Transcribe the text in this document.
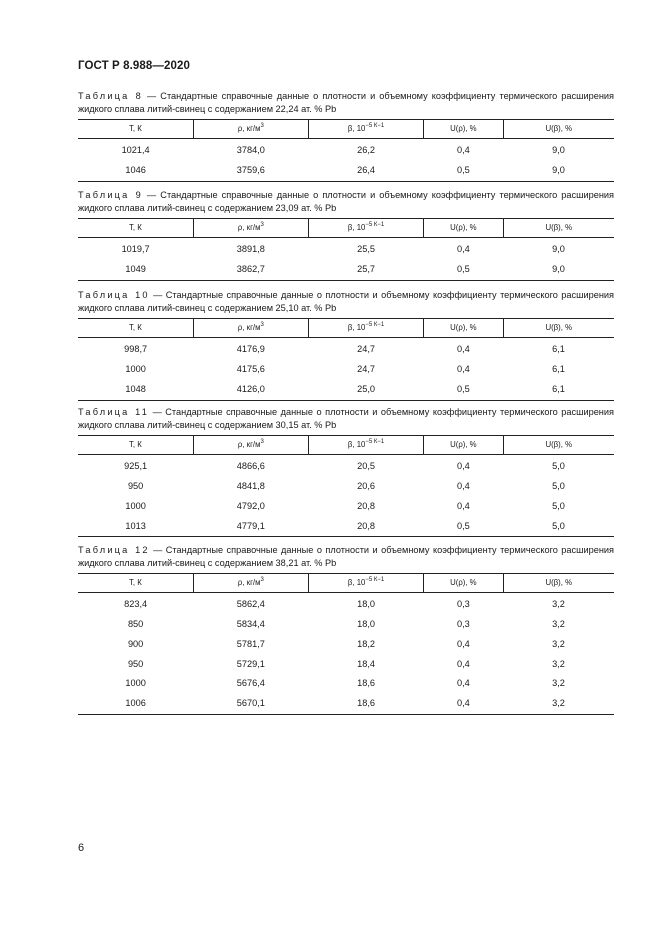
ГОСТ Р 8.988—2020

Таблица 8 — Стандартные справочные данные о плотности и объемному коэффициенту термического расширения жидкого сплава литий-свинец с содержанием 22,24 ат. % Pb

T, К	ρ, $кг/м^3$	β, $10^{-5 К-1}$	U(ρ), %	U(β), %
1021,4	3784,0	26,2	0,4	9,0
1046	3759,6	26,4	0,5	9,0

Таблица 9 — Стандартные справочные данные о плотности и объемному коэффициенту термического расширения жидкого сплава литий-свинец с содержанием 23,09 ат. % Pb

T, К	ρ, $кг/м^3$	β, $10^{-5 К-1}$	U(ρ), %	U(β), %
1019,7	3891,8	25,5	0,4	9,0
1049	3862,7	25,7	0,5	9,0

Таблица 10 — Стандартные справочные данные о плотности и объемному коэффициенту термического расширения жидкого сплава литий-свинец с содержанием 25,10 ат. % Pb

T, К	ρ, $кг/м^3$	β, $10^{-5 К-1}$	U(ρ), %	U(β), %
998,7	4176,9	24,7	0,4	6,1
1000	4175,6	24,7	0,4	6,1
1048	4126,0	25,0	0,5	6,1

Таблица 11 — Стандартные справочные данные о плотности и объемному коэффициенту термического расширения жидкого сплава литий-свинец с содержанием 30,15 ат. % Pb

T, К	ρ, $кг/м^3$	β, $10^{-5 К-1}$	U(ρ), %	U(β), %
925,1	4866,6	20,5	0,4	5,0
950	4841,8	20,6	0,4	5,0
1000	4792,0	20,8	0,4	5,0
1013	4779,1	20,8	0,5	5,0

Таблица 12 — Стандартные справочные данные о плотности и объемному коэффициенту термического расширения жидкого сплава литий-свинец с содержанием 38,21 ат. % Pb

T, К	ρ, $кг/м^3$	β, $10^{-5 К-1}$	U(ρ), %	U(β), %
823,4	5862,4	18,0	0,3	3,2
850	5834,4	18,0	0,3	3,2
900	5781,7	18,2	0,4	3,2
950	5729,1	18,4	0,4	3,2
1000	5676,4	18,6	0,4	3,2
1006	5670,1	18,6	0,4	3,2
6
